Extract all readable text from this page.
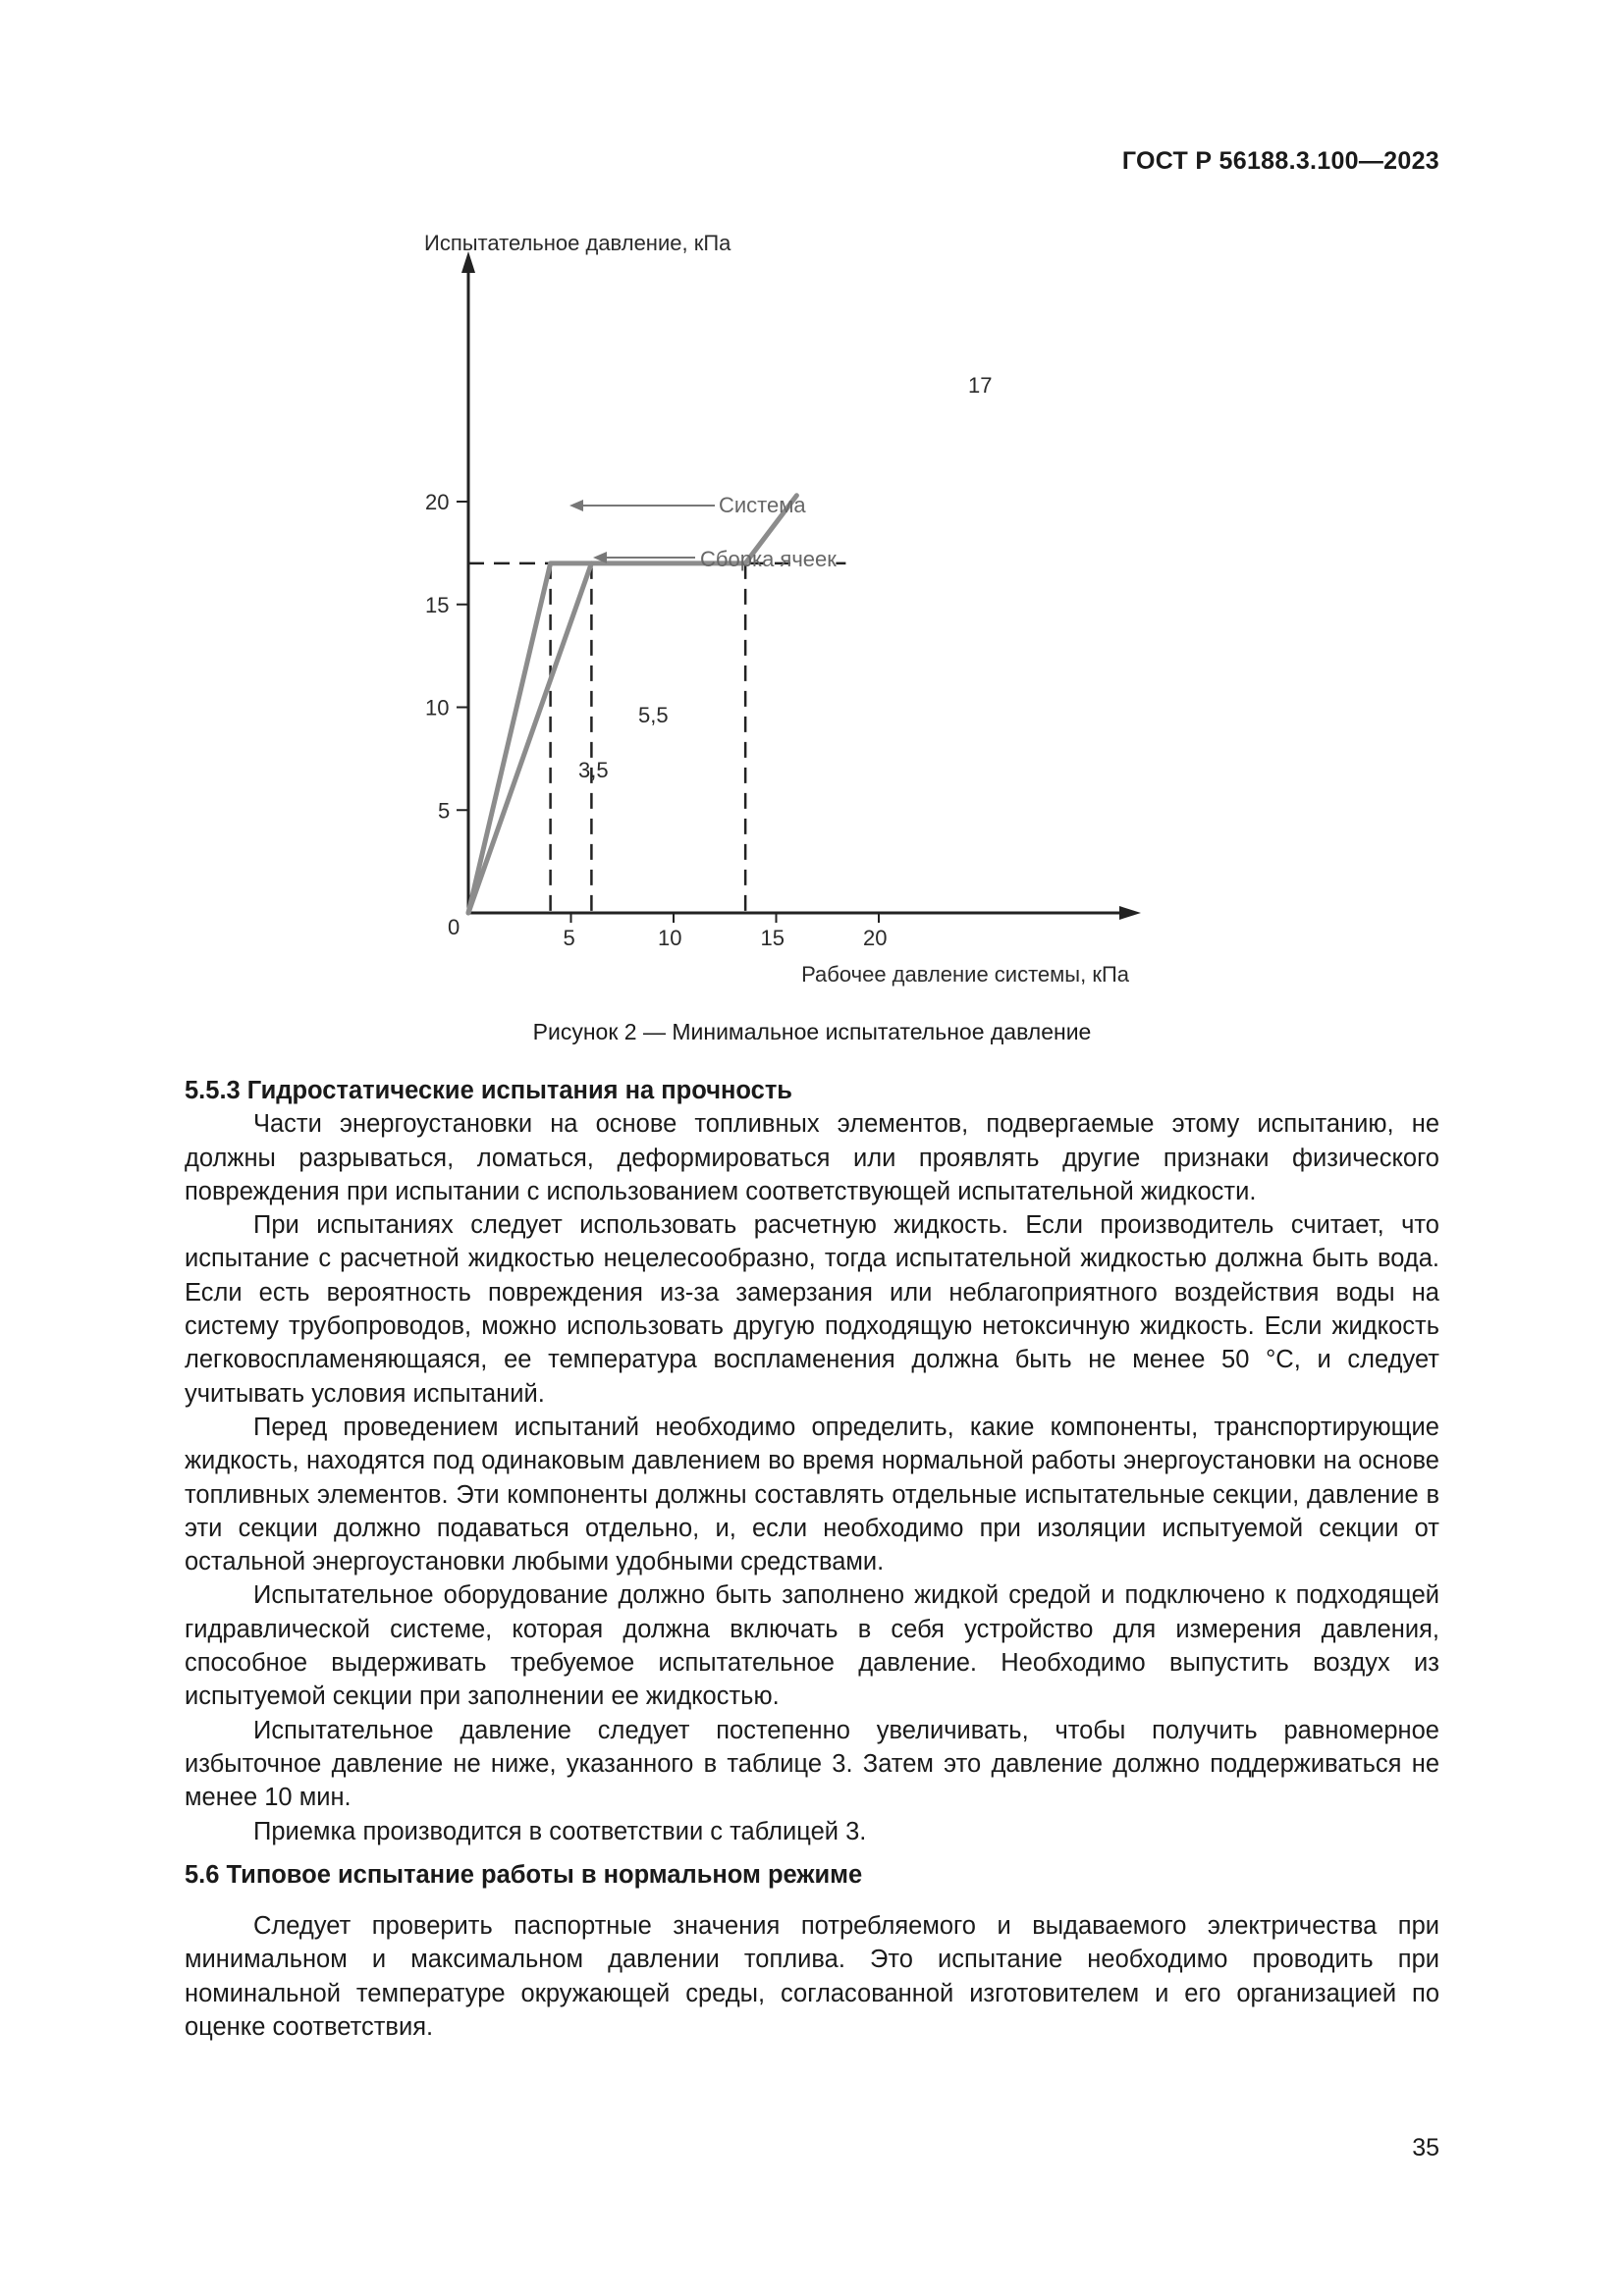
ГОСТ Р 56188.3.100—2023
5	10	15	20
5
10
15
20
Испытательное давление, кПа
Рабочее давление системы, кПа
0
17
3,5
5,5
Система
Сборка ячеек
Рисунок 2 — Минимальное испытательное давление
5.5.3 Гидростатические испытания на прочность

Части энергоустановки на основе топливных элементов, подвергаемые этому испытанию, не должны разрываться, ломаться, деформироваться или проявлять другие признаки физического повреждения при испытании с использованием соответствующей испытательной жидкости.

При испытаниях следует использовать расчетную жидкость. Если производитель считает, что испытание с расчетной жидкостью нецелесообразно, тогда испытательной жидкостью должна быть вода. Если есть вероятность повреждения из-за замерзания или неблагоприятного воздействия воды на систему трубопроводов, можно использовать другую подходящую нетоксичную жидкость. Если жидкость легковоспламеняющаяся, ее температура воспламенения должна быть не менее 50 °С, и следует учитывать условия испытаний.

Перед проведением испытаний необходимо определить, какие компоненты, транспортирующие жидкость, находятся под одинаковым давлением во время нормальной работы энергоустановки на основе топливных элементов. Эти компоненты должны составлять отдельные испытательные секции, давление в эти секции должно подаваться отдельно, и, если необходимо при изоляции испытуемой секции от остальной энергоустановки любыми удобными средствами.

Испытательное оборудование должно быть заполнено жидкой средой и подключено к подходящей гидравлической системе, которая должна включать в себя устройство для измерения давления, способное выдерживать требуемое испытательное давление. Необходимо выпустить воздух из испытуемой секции при заполнении ее жидкостью.

Испытательное давление следует постепенно увеличивать, чтобы получить равномерное избыточное давление не ниже, указанного в таблице 3. Затем это давление должно поддерживаться не менее 10 мин.

Приемка производится в соответствии с таблицей 3.

5.6 Типовое испытание работы в нормальном режиме

Следует проверить паспортные значения потребляемого и выдаваемого электричества при минимальном и максимальном давлении топлива. Это испытание необходимо проводить при номинальной температуре окружающей среды, согласованной изготовителем и его организацией по оценке соответствия.

35
